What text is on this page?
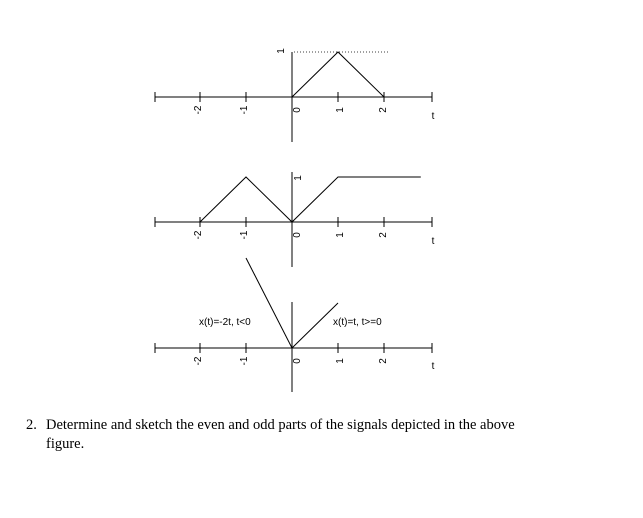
-2	-1	0	1	2
t
1
-2	-1	0	1	2
t
1
-2	-1	0	1	2	t
x(t)=-2t, t<0	x(t)=t, t>=0
2. Determine and sketch the even and odd parts of the signals depicted in the above
figure.
